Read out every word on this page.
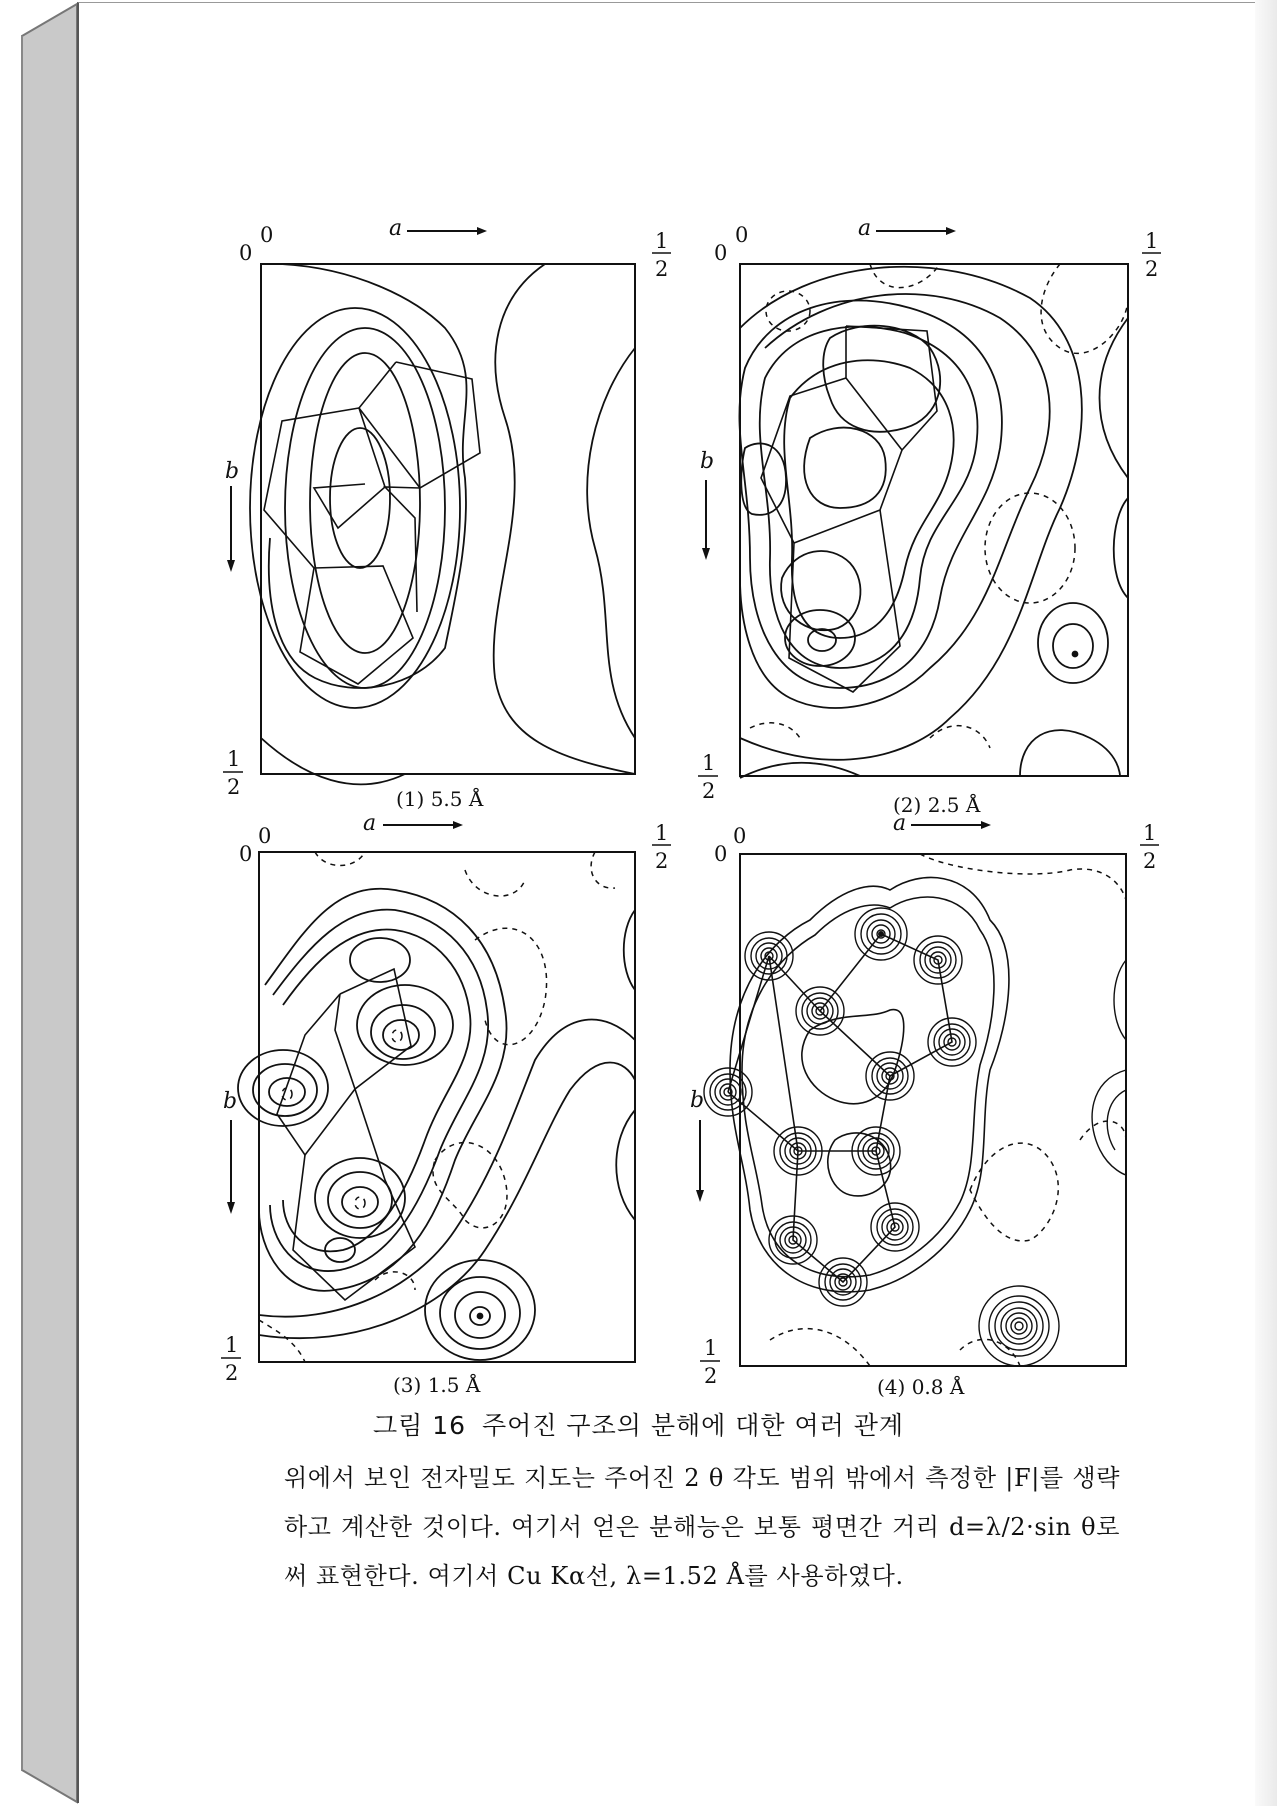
a
0
0	1
2
b
1
2
a
0
0	1
2
b
1
2
a
0
0
1
2
b
1
2
a
0
0
1
2
b
1
2
(1) 5.5 Å	(2) 2.5 Å
(3) 1.5 Å	(4) 0.8 Å
그림 16 주어진 구조의 분해에 대한 여러 관계

위에서 보인 전자밀도 지도는 주어진 2 θ 각도 범위 밖에서 측정한 |F|를 생략하고 계산한 것이다. 여기서 얻은 분해능은 보통 평면간 거리 d=λ/2·sin θ로써 표현한다. 여기서 Cu Kα선, λ=1.52 Å를 사용하였다.
